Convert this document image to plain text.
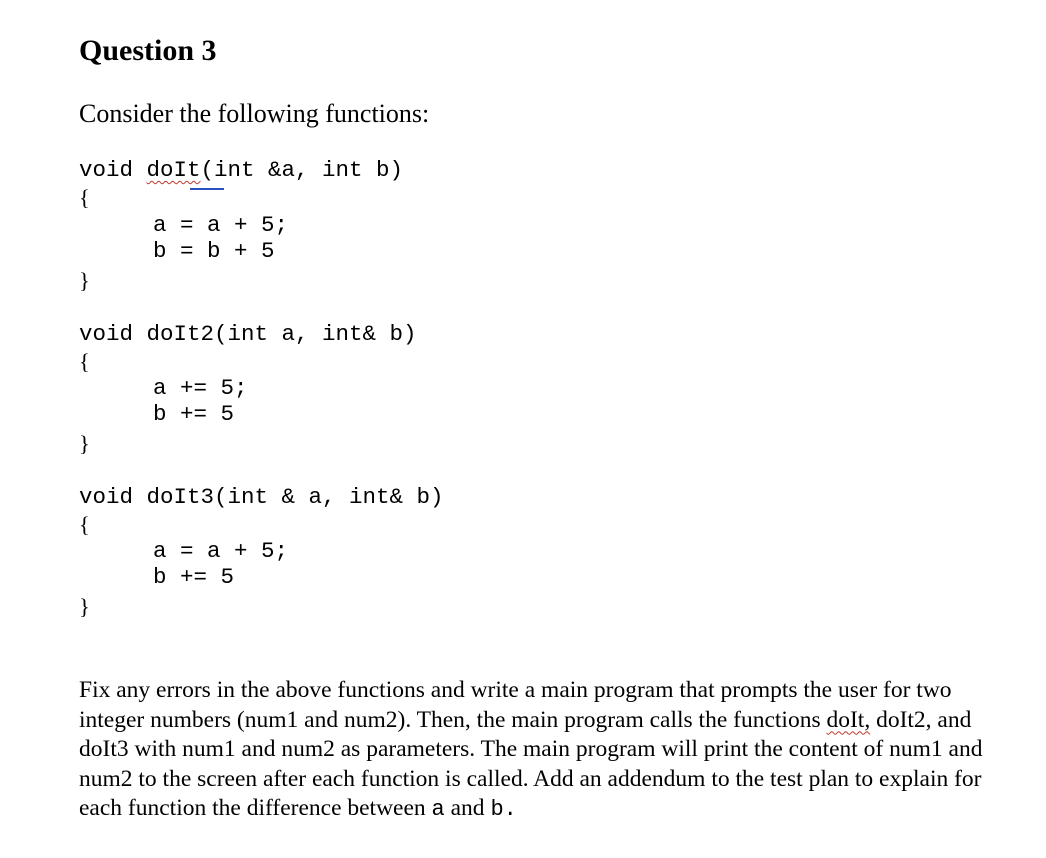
Question 3
Consider the following functions:
void doIt(int &a, int b)
{
a = a + 5;
b = b + 5
}
void doIt2(int a, int& b)
{
a += 5;
b += 5
}
void doIt3(int & a, int& b)
{
a = a + 5;
b += 5
}
Fix any errors in the above functions and write a main program that prompts the user for two integer numbers (num1 and num2). Then, the main program calls the functions doIt, doIt2, and doIt3 with num1 and num2 as parameters. The main program will print the content of num1 and num2 to the screen after each function is called. Add an addendum to the test plan to explain for each function the difference between a and b.
